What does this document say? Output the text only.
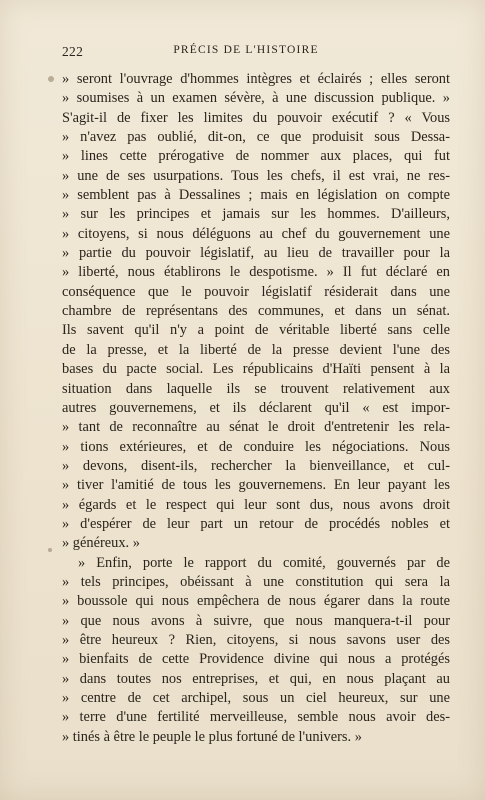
222	PRÉCIS DE L'HISTOIRE
» seront l'ouvrage d'hommes intègres et éclairés ; elles seront
» soumises à un examen sévère, à une discussion publique. »
S'agit-il de fixer les limites du pouvoir exécutif ? « Vous
» n'avez pas oublié, dit-on, ce que produisit sous Dessa-
» lines cette prérogative de nommer aux places, qui fut
» une de ses usurpations. Tous les chefs, il est vrai, ne res-
» semblent pas à Dessalines ; mais en législation on compte
» sur les principes et jamais sur les hommes. D'ailleurs,
» citoyens, si nous déléguons au chef du gouvernement une
» partie du pouvoir législatif, au lieu de travailler pour la
» liberté, nous établirons le despotisme. » Il fut déclaré en
conséquence que le pouvoir législatif résiderait dans une
chambre de représentans des communes, et dans un sénat.
Ils savent qu'il n'y a point de véritable liberté sans celle
de la presse, et la liberté de la presse devient l'une des
bases du pacte social. Les républicains d'Haïti pensent à la
situation dans laquelle ils se trouvent relativement aux
autres gouvernemens, et ils déclarent qu'il « est impor-
» tant de reconnaître au sénat le droit d'entretenir les rela-
» tions extérieures, et de conduire les négociations. Nous
» devons, disent-ils, rechercher la bienveillance, et cul-
» tiver l'amitié de tous les gouvernemens. En leur payant les
» égards et le respect qui leur sont dus, nous avons droit
» d'espérer de leur part un retour de procédés nobles et
» généreux. »
» Enfin, porte le rapport du comité, gouvernés par de
» tels principes, obéissant à une constitution qui sera la
» boussole qui nous empêchera de nous égarer dans la route
» que nous avons à suivre, que nous manquera-t-il pour
» être heureux ? Rien, citoyens, si nous savons user des
» bienfaits de cette Providence divine qui nous a protégés
» dans toutes nos entreprises, et qui, en nous plaçant au
» centre de cet archipel, sous un ciel heureux, sur une
» terre d'une fertilité merveilleuse, semble nous avoir des-
» tinés à être le peuple le plus fortuné de l'univers. »
